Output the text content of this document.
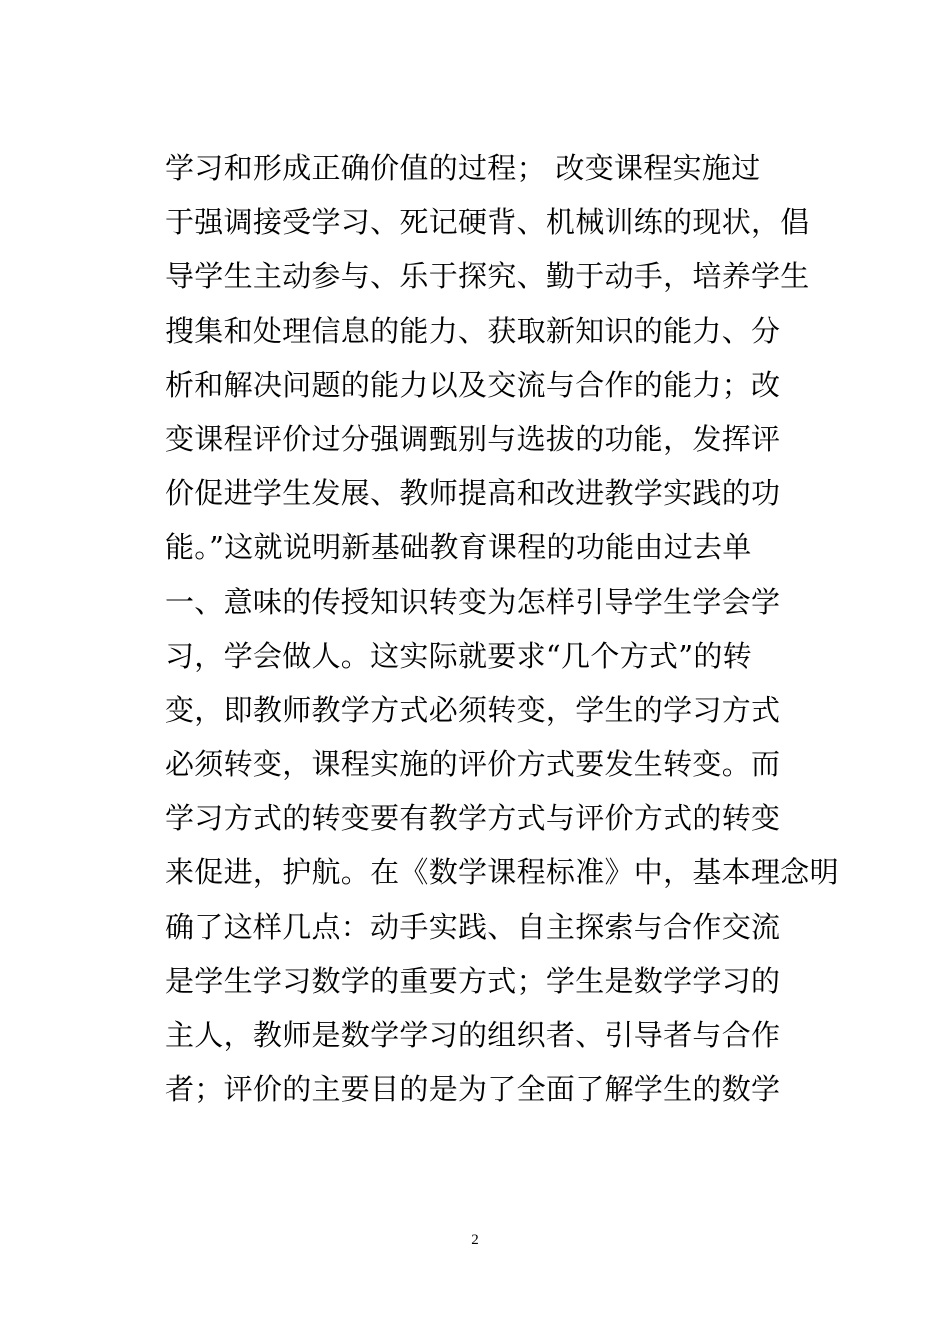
学习和形成正确价值的过程； 改变课程实施过
于强调接受学习、死记硬背、机械训练的现状，倡
导学生主动参与、乐于探究、勤于动手，培养学生
搜集和处理信息的能力、获取新知识的能力、分
析和解决问题的能力以及交流与合作的能力；改
变课程评价过分强调甄别与选拔的功能，发挥评
价促进学生发展、教师提高和改进教学实践的功
能。”这就说明新基础教育课程的功能由过去单
一、意味的传授知识转变为怎样引导学生学会学
习，学会做人。这实际就要求“几个方式”的转
变，即教师教学方式必须转变，学生的学习方式
必须转变，课程实施的评价方式要发生转变。而
学习方式的转变要有教学方式与评价方式的转变
来促进，护航。在《数学课程标准》中，基本理念明
确了这样几点：动手实践、自主探索与合作交流
是学生学习数学的重要方式；学生是数学学习的
主人，教师是数学学习的组织者、引导者与合作
者；评价的主要目的是为了全面了解学生的数学
2
